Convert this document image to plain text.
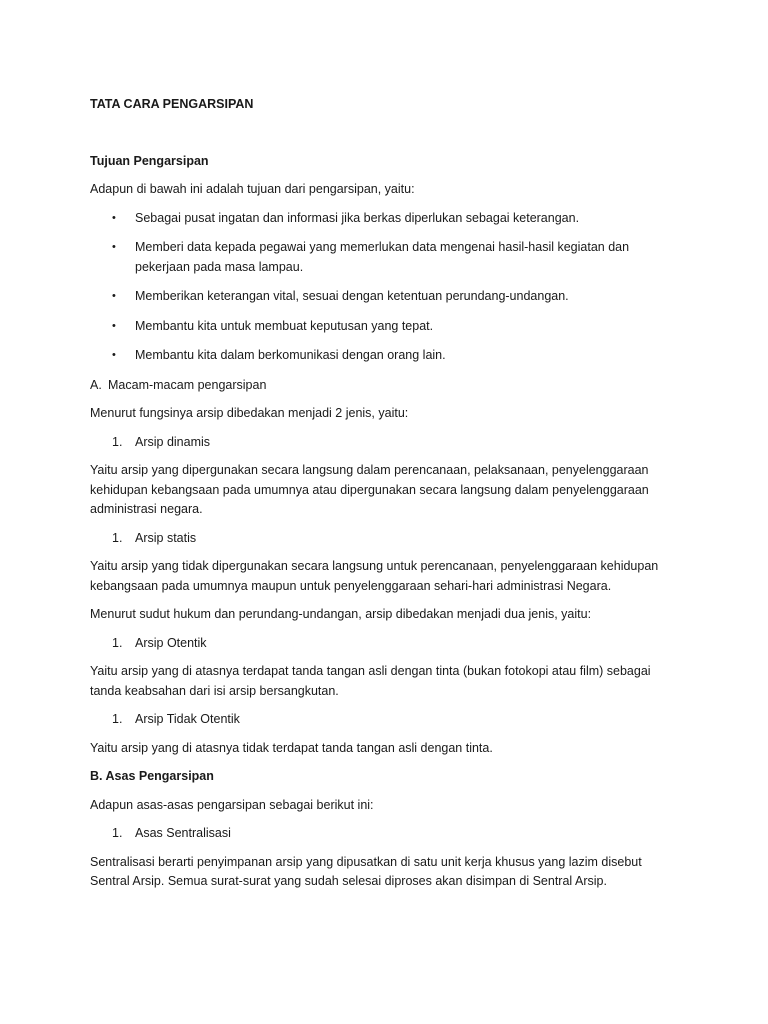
TATA CARA PENGARSIPAN
Tujuan Pengarsipan

Adapun di bawah ini adalah tujuan dari pengarsipan, yaitu:

• Sebagai pusat ingatan dan informasi jika berkas diperlukan sebagai keterangan.
• Memberi data kepada pegawai yang memerlukan data mengenai hasil-hasil kegiatan dan pekerjaan pada masa lampau.
• Memberikan keterangan vital, sesuai dengan ketentuan perundang-undangan.
• Membantu kita untuk membuat keputusan yang tepat.
• Membantu kita dalam berkomunikasi dengan orang lain.
A. Macam-macam pengarsipan

Menurut fungsinya arsip dibedakan menjadi 2 jenis, yaitu:

1. Arsip dinamis

Yaitu arsip yang dipergunakan secara langsung dalam perencanaan, pelaksanaan, penyelenggaraan kehidupan kebangsaan pada umumnya atau dipergunakan secara langsung dalam penyelenggaraan administrasi negara.

1. Arsip statis

Yaitu arsip yang tidak dipergunakan secara langsung untuk perencanaan, penyelenggaraan kehidupan kebangsaan pada umumnya maupun untuk penyelenggaraan sehari-hari administrasi Negara.

Menurut sudut hukum dan perundang-undangan, arsip dibedakan menjadi dua jenis, yaitu:

1. Arsip Otentik

Yaitu arsip yang di atasnya terdapat tanda tangan asli dengan tinta (bukan fotokopi atau film) sebagai tanda keabsahan dari isi arsip bersangkutan.

1. Arsip Tidak Otentik

Yaitu arsip yang di atasnya tidak terdapat tanda tangan asli dengan tinta.

B. Asas Pengarsipan

Adapun asas-asas pengarsipan sebagai berikut ini:

1. Asas Sentralisasi

Sentralisasi berarti penyimpanan arsip yang dipusatkan di satu unit kerja khusus yang lazim disebut Sentral Arsip. Semua surat-surat yang sudah selesai diproses akan disimpan di Sentral Arsip.
